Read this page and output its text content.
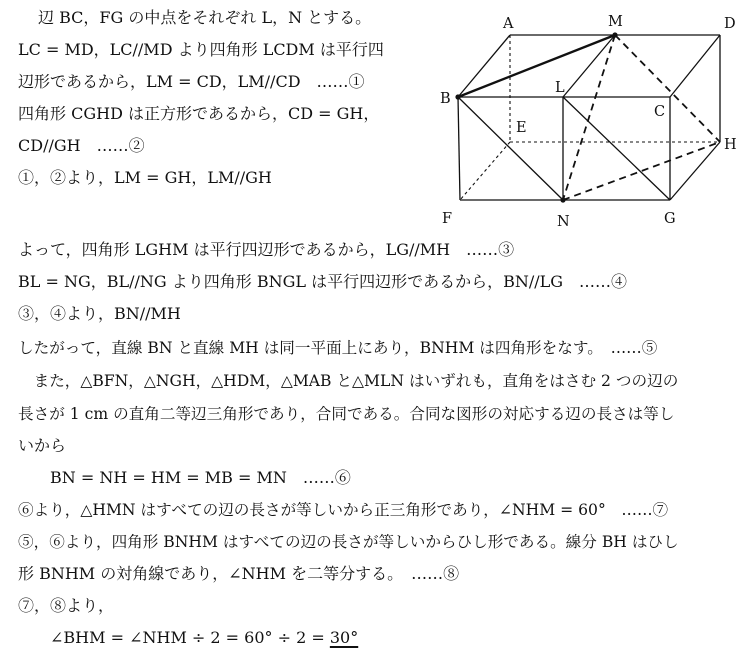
辺 BC，FG の中点をそれぞれ L，N とする。
LC = MD，LC//MD より四角形 LCDM は平行四
辺形であるから，LM = CD，LM//CD　……①
四角形 CGHD は正方形であるから，CD = GH，
CD//GH　……②
①，②より，LM = GH，LM//GH
よって，四角形 LGHM は平行四辺形であるから，LG//MH　……③
BL = NG，BL//NG より四角形 BNGL は平行四辺形であるから，BN//LG　……④
③，④より，BN//MH
したがって，直線 BN と直線 MH は同一平面上にあり，BNHM は四角形をなす。　……⑤
　また，△BFN，△NGH，△HDM，△MAB と△MLN はいずれも，直角をはさむ 2 つの辺の
長さが 1 cm の直角二等辺三角形であり，合同である。合同な図形の対応する辺の長さは等し
いから
BN = NH = HM = MB = MN　……⑥
⑥より，△HMN はすべての辺の長さが等しいから正三角形であり，∠NHM = 60°　……⑦
⑤，⑥より，四角形 BNHM はすべての辺の長さが等しいからひし形である。線分 BH はひし
形 BNHM の対角線であり，∠NHM を二等分する。　……⑧
⑦，⑧より，
∠BHM = ∠NHM ÷ 2 = 60° ÷ 2 = 30°
A	M	D
B
L
C
E
H
F	N	G
